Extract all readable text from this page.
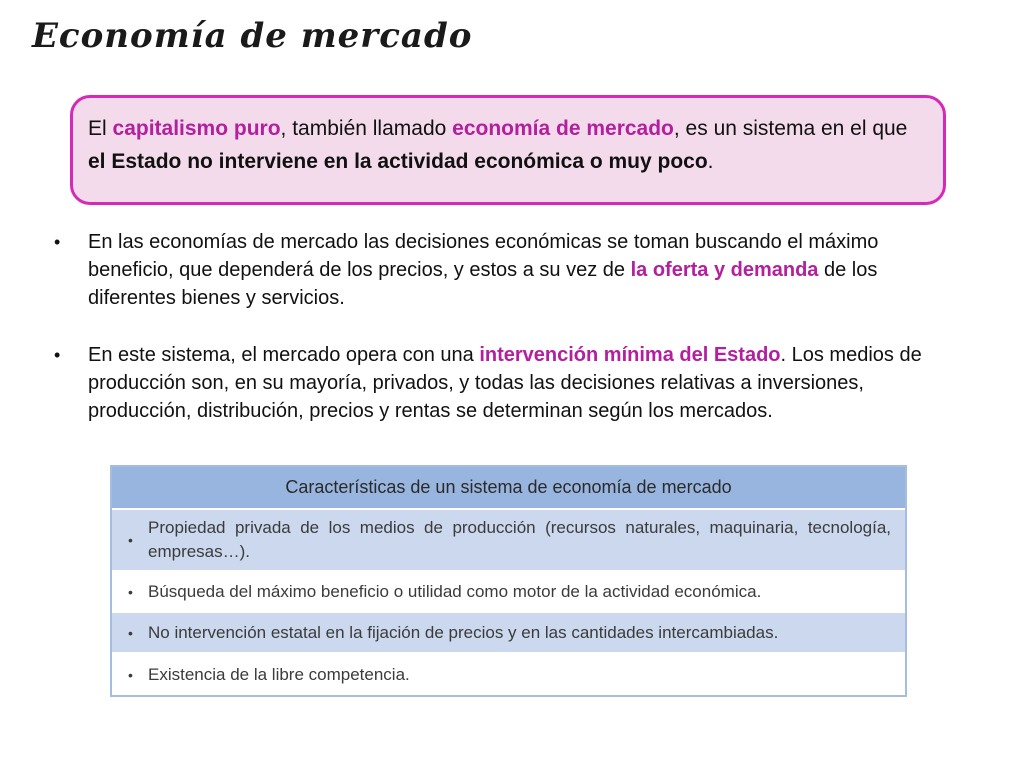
Economía de mercado
El capitalismo puro, también llamado economía de mercado, es un sistema en el que el Estado no interviene en la actividad económica o muy poco.
• En las economías de mercado las decisiones económicas se toman buscando el máximo beneficio, que dependerá de los precios, y estos a su vez de la oferta y demanda de los diferentes bienes y servicios.
• En este sistema, el mercado opera con una intervención mínima del Estado. Los medios de producción son, en su mayoría, privados, y todas las decisiones relativas a inversiones, producción, distribución, precios y rentas se determinan según los mercados.
Características de un sistema de economía de mercado
•
Propiedad privada de los medios de producción (recursos naturales, maquinaria, tecnología, empresas…).
• Búsqueda del máximo beneficio o utilidad como motor de la actividad económica.
• No intervención estatal en la fijación de precios y en las cantidades intercambiadas.
• Existencia de la libre competencia.
